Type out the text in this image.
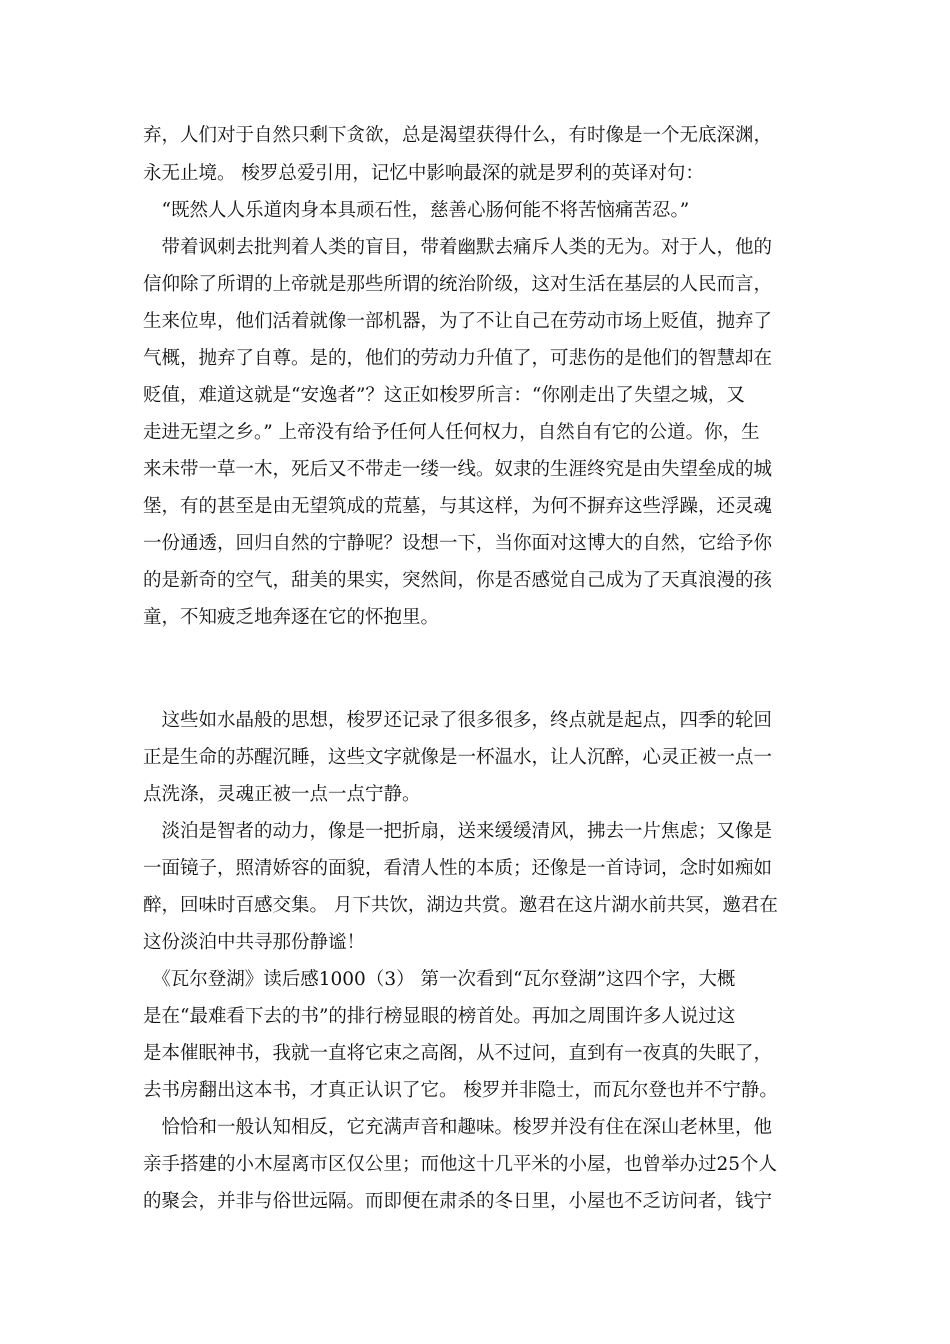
弃，人们对于自然只剩下贪欲，总是渴望获得什么，有时像是一个无底深渊，
永无止境。 梭罗总爱引用，记忆中影响最深的就是罗利的英译对句：
　“既然人人乐道肉身本具顽石性，慈善心肠何能不将苦恼痛苦忍。”
　带着讽刺去批判着人类的盲目，带着幽默去痛斥人类的无为。对于人，他的
信仰除了所谓的上帝就是那些所谓的统治阶级，这对生活在基层的人民而言，
生来位卑，他们活着就像一部机器，为了不让自己在劳动市场上贬值，抛弃了
气概，抛弃了自尊。是的，他们的劳动力升值了，可悲伤的是他们的智慧却在
贬值，难道这就是“安逸者”？这正如梭罗所言：“你刚走出了失望之城，又
走进无望之乡。” 上帝没有给予任何人任何权力，自然自有它的公道。你，生
来未带一草一木，死后又不带走一缕一线。奴隶的生涯终究是由失望垒成的城
堡，有的甚至是由无望筑成的荒墓，与其这样，为何不摒弃这些浮躁，还灵魂
一份通透，回归自然的宁静呢？设想一下，当你面对这博大的自然，它给予你
的是新奇的空气，甜美的果实，突然间，你是否感觉自己成为了天真浪漫的孩
童，不知疲乏地奔逐在它的怀抱里。
　这些如水晶般的思想，梭罗还记录了很多很多，终点就是起点，四季的轮回
正是生命的苏醒沉睡，这些文字就像是一杯温水，让人沉醉，心灵正被一点一
点洗涤，灵魂正被一点一点宁静。
　淡泊是智者的动力，像是一把折扇，送来缓缓清风，拂去一片焦虑；又像是
一面镜子，照清娇容的面貌，看清人性的本质；还像是一首诗词，念时如痴如
醉，回味时百感交集。 月下共饮，湖边共赏。邀君在这片湖水前共冥，邀君在
这份淡泊中共寻那份静谧！
　《瓦尔登湖》读后感1000（3） 第一次看到“瓦尔登湖”这四个字，大概
是在“最难看下去的书”的排行榜显眼的榜首处。再加之周围许多人说过这
是本催眠神书，我就一直将它束之高阁，从不过问，直到有一夜真的失眠了，
去书房翻出这本书，才真正认识了它。 梭罗并非隐士，而瓦尔登也并不宁静。
　恰恰和一般认知相反，它充满声音和趣味。梭罗并没有住在深山老林里，他
亲手搭建的小木屋离市区仅公里；而他这十几平米的小屋，也曾举办过25个人
的聚会，并非与俗世远隔。而即便在肃杀的冬日里，小屋也不乏访问者，钱宁
